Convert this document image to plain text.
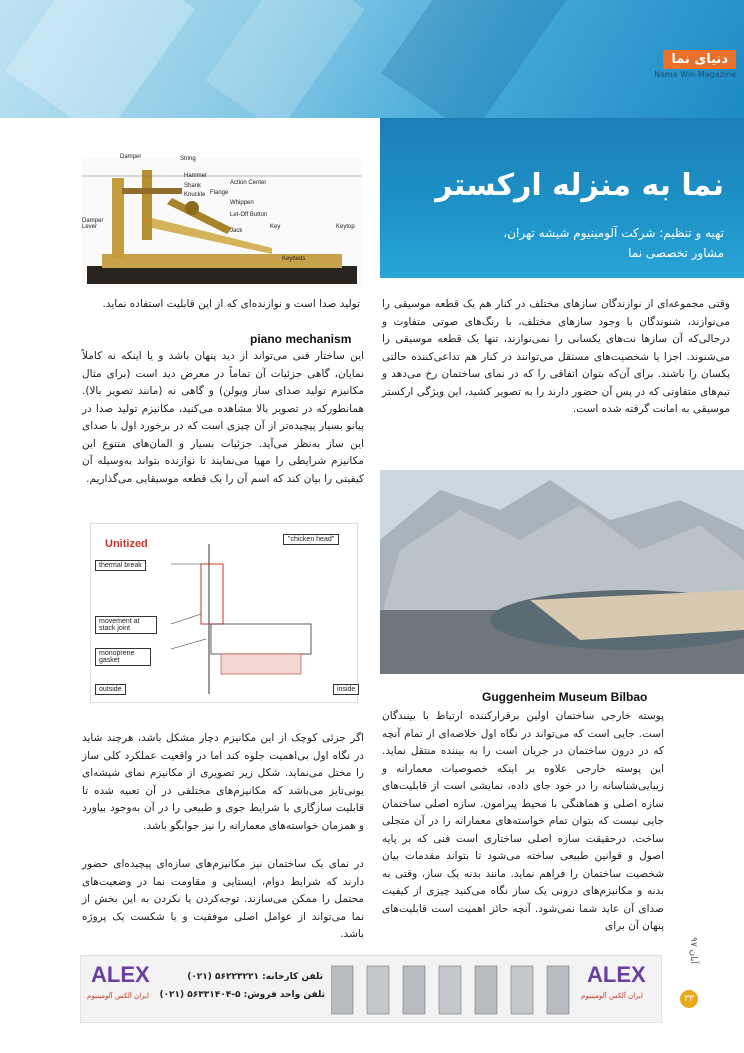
دنیای نما
Nama Win Magazine
Damper	String
Hammer
Shank
Knuckle Flange
Action Center
Whippen
Let-Off Button
Jack
Key	Keytop
Damper Lever
Keybeds
نما به منزله ارکستر
تهیه و تنظیم: شرکت آلومینیوم شیشه تهران،
مشاور تخصصی نما
تولید صدا است و نوازنده‌ای که از این قابلیت استفاده نماید.
piano mechanism
این ساختار فنی می‌تواند از دید پنهان باشد و یا اینکه نه کاملاً نمایان، گاهی جزئیات آن تماماً در معرض دید است (برای مثال مکانیزم تولید صدای ساز ویولن) و گاهی نه (مانند تصویر بالا). همانطورکه در تصویر بالا مشاهده می‌کنید، مکانیزم تولید صدا در پیانو بسیار پیچیده‌تر از آن چیزی است که در برخورد اول با صدای این ساز به‌نظر می‌آید. جزئیات بسیار و المان‌های متنوع این مکانیزم شرایطی را مهیا می‌نمایند تا نوازنده بتواند به‌وسیله آن کیفیتی را بیان کند که اسم آن را یک قطعه موسیقایی می‌گذاریم.
وقتی مجموعه‌ای از نوازندگان سازهای مختلف در کنار هم یک قطعه موسیقی را می‌نوازند، شنوندگان با وجود سازهای مختلف، با رنگ‌های صوتی متفاوت و درحالی‌که آن سازها نت‌های یکسانی را نمی‌نوازند، تنها یک قطعه موسیقی را می‌شنوند. اجزا یا شخصیت‌های مستقل می‌توانند در کنار هم تداعی‌کننده حالتی یکسان را باشند. برای آن‌که بتوان اتفاقی را که در نمای ساختمان رخ می‌دهد و تیم‌های متفاوتی که در پس آن حضور دارند را به تصویر کشید، این ویژگی ارکستر موسیقی به امانت گرفته شده است.
Guggenheim Museum Bilbao
پوسته خارجی ساختمان اولین برقرارکننده ارتباط با بینندگان است. جایی است که می‌تواند در نگاه اول خلاصه‌ای از تمام آنچه که در درون ساختمان در جریان است را به بیننده منتقل نماید. این پوسته خارجی علاوه بر اینکه خصوصیات معمارانه و زیبایی‌شناسانه را در خود جای داده، نمایشی است از قابلیت‌های سازه اصلی و هماهنگی با محیط پیرامون. سازه اصلی ساختمان جایی نیست که بتوان تمام خواسته‌های معمارانه را در آن متجلی ساخت. درحقیقت سازه اصلی ساختاری است فنی که بر پایه اصول و قوانین طبیعی ساخته می‌شود تا بتواند مقدمات بیان شخصیت ساختمان را فراهم نماید. مانند بدنه یک ساز، وقتی به بدنه و مکانیزم‌های درونی یک ساز نگاه می‌کنید چیزی از کیفیت صدای آن عاید شما نمی‌شود. آنچه حائز اهمیت است قابلیت‌های پنهان آن برای
Unitized	"chicken head"
thermal break
movement at stack joint
monoprene gasket
outside	inside
اگر جزئی کوچک از این مکانیزم دچار مشکل باشد، هرچند شاید در نگاه اول بی‌اهمیت جلوه کند اما در واقعیت عملکرد کلی ساز را مختل می‌نماید. شکل زیر تصویری از مکانیزم نمای شیشه‌ای یونی‌تایز می‌باشد که مکانیزم‌های مختلفی در آن تعبیه شده تا قابلیت سازگاری با شرایط جوی و طبیعی را در آن به‌وجود بیاورد و همزمان خواسته‌های معمارانه را نیز جوابگو باشد.
در نمای یک ساختمان نیز مکانیزم‌های سازه‌ای پیچیده‌ای حضور دارند که شرایط دوام، ایستایی و مقاومت نما در وضعیت‌های محتمل را ممکن می‌سازند. توجه‌کردن یا نکردن به این بخش از نما می‌تواند از عوامل اصلی موفقیت و یا شکست یک پروژه باشد.
ALEX
ایران آلکس آلومینیوم
تلفن کارخانه: ۵۶۲۲۳۲۲۱ (۰۲۱)
تلفن واحد فروش: ۵-۵۶۳۳۱۴۰۴ (۰۲۱)
ALEX
ایران آلکس آلومینیوم
آبان ۹۷
۳۳
